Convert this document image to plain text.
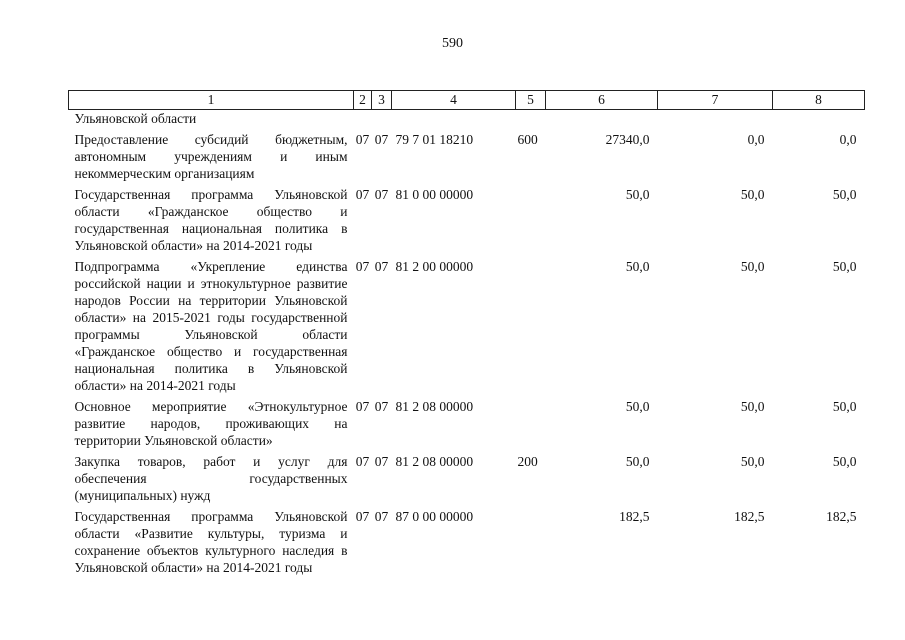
590
1	2	3	4	5	6	7	8
Ульяновской области							
Предоставление субсидий бюджетным, автономным учреждениям и иным некоммерческим организациям	07	07	79 7 01 18210	600	27340,0	0,0	0,0
Государственная программа Ульяновской области «Гражданское общество и государственная национальная политика в Ульяновской области» на 2014-2021 годы	07	07	81 0 00 00000		50,0	50,0	50,0
Подпрограмма «Укрепление единства российской нации и этнокультурное развитие народов России на территории Ульяновской области» на 2015-2021 годы государственной программы Ульяновской области «Гражданское общество и государственная национальная политика в Ульяновской области» на 2014-2021 годы	07	07	81 2 00 00000		50,0	50,0	50,0
Основное мероприятие «Этнокультурное развитие народов, проживающих на территории Ульяновской области»	07	07	81 2 08 00000		50,0	50,0	50,0
Закупка товаров, работ и услуг для обеспечения государственных (муниципальных) нужд	07	07	81 2 08 00000	200	50,0	50,0	50,0
Государственная программа Ульяновской области «Развитие культуры, туризма и сохранение объектов культурного наследия в Ульяновской области» на 2014-2021 годы	07	07	87 0 00 00000		182,5	182,5	182,5
